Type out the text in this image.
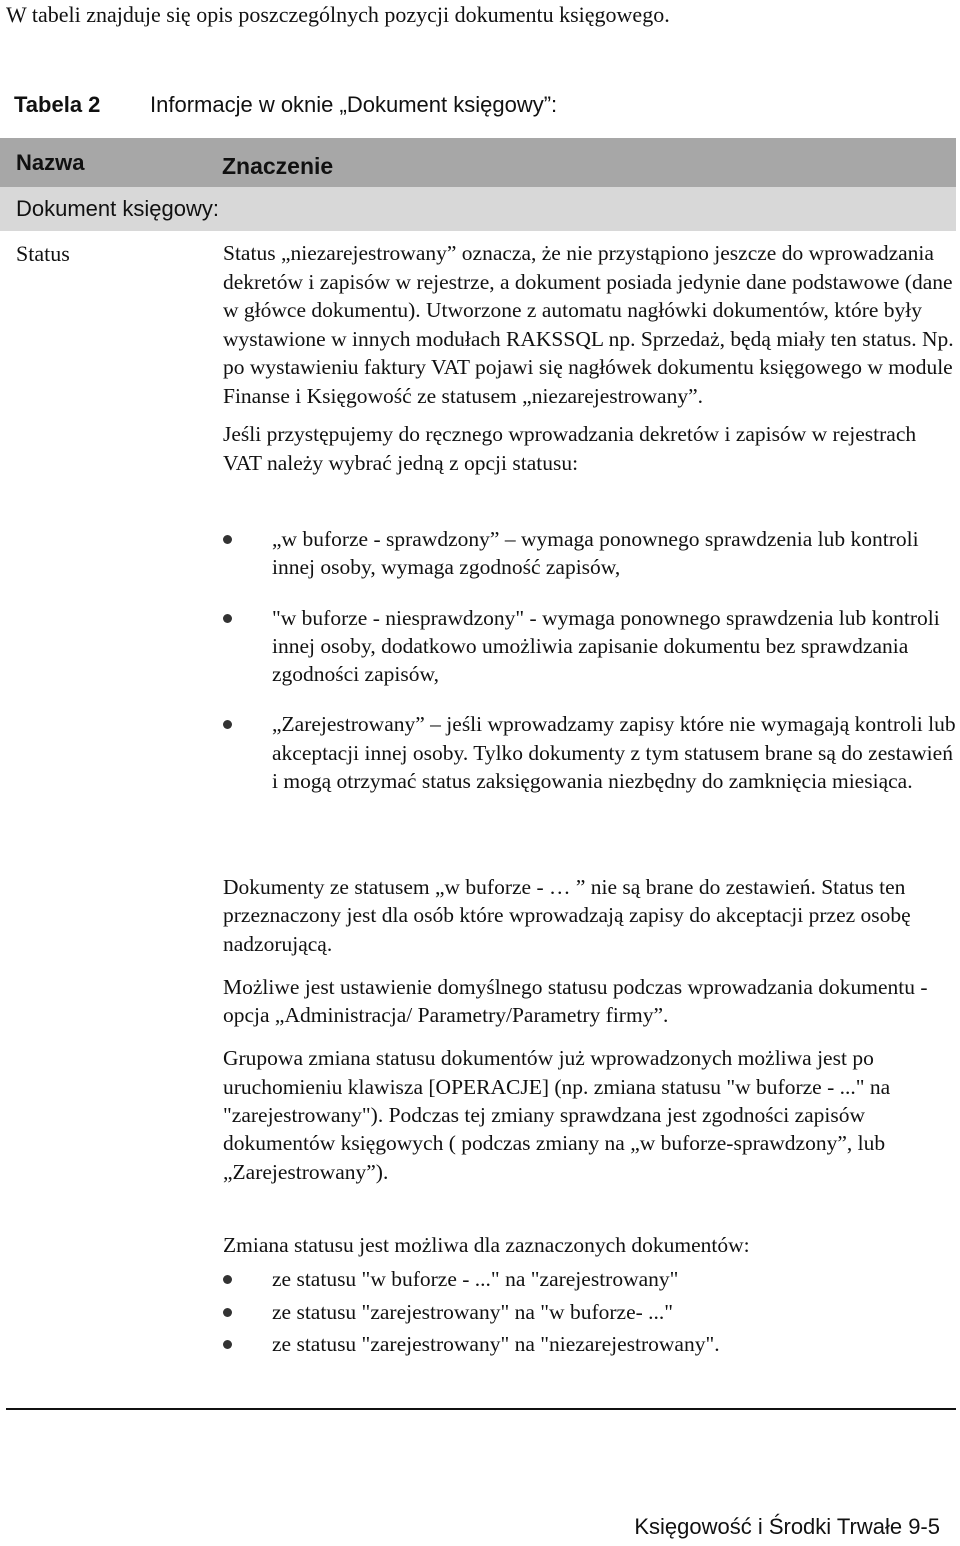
W tabeli znajduje się opis poszczególnych pozycji dokumentu księgowego.
Tabela 2 Informacje w oknie „Dokument księgowy”:
Nazwa	Znaczenie
Dokument księgowy:
Status	Status „niezarejestrowany” oznacza, że nie przystąpiono jeszcze do wprowadzania dekretów i zapisów w rejestrze, a dokument posiada jedynie dane podstawowe (dane w główce dokumentu). Utworzone z automatu nagłówki dokumentów, które były wystawione w innych modułach RAKSSQL np. Sprzedaż, będą miały ten status. Np. po wystawieniu faktury VAT pojawi się nagłówek dokumentu księgowego w module Finanse i Księgowość ze statusem „niezarejestrowany”.

Jeśli przystępujemy do ręcznego wprowadzania dekretów i zapisów w rejestrach VAT należy wybrać jedną z opcji statusu:

„w buforze - sprawdzony” – wymaga ponownego sprawdzenia lub kontroli innej osoby, wymaga zgodność zapisów,
"w buforze - niesprawdzony" - wymaga ponownego sprawdzenia lub kontroli innej osoby, dodatkowo umożliwia zapisanie dokumentu bez sprawdzania zgodności zapisów,
„Zarejestrowany” – jeśli wprowadzamy zapisy które nie wymagają kontroli lub akceptacji innej osoby. Tylko dokumenty z tym statusem brane są do zestawień i mogą otrzymać status zaksięgowania niezbędny do zamknięcia miesiąca.

Dokumenty ze statusem „w buforze - … ” nie są brane do zestawień. Status ten przeznaczony jest dla osób które wprowadzają zapisy do akceptacji przez osobę nadzorującą.

Możliwe jest ustawienie domyślnego statusu podczas wprowadzania dokumentu - opcja „Administracja/ Parametry/Parametry firmy”.

Grupowa zmiana statusu dokumentów już wprowadzonych możliwa jest po uruchomieniu klawisza [OPERACJE] (np. zmiana statusu "w buforze - ..." na "zarejestrowany"). Podczas tej zmiany sprawdzana jest zgodności zapisów dokumentów księgowych ( podczas zmiany na „w buforze-sprawdzony”, lub „Zarejestrowany”).

Zmiana statusu jest możliwa dla zaznaczonych dokumentów:

ze statusu "w buforze - ..." na "zarejestrowany"
ze statusu "zarejestrowany" na "w buforze- ..."
ze statusu "zarejestrowany" na "niezarejestrowany".
Księgowość i Środki Trwałe 9-5
